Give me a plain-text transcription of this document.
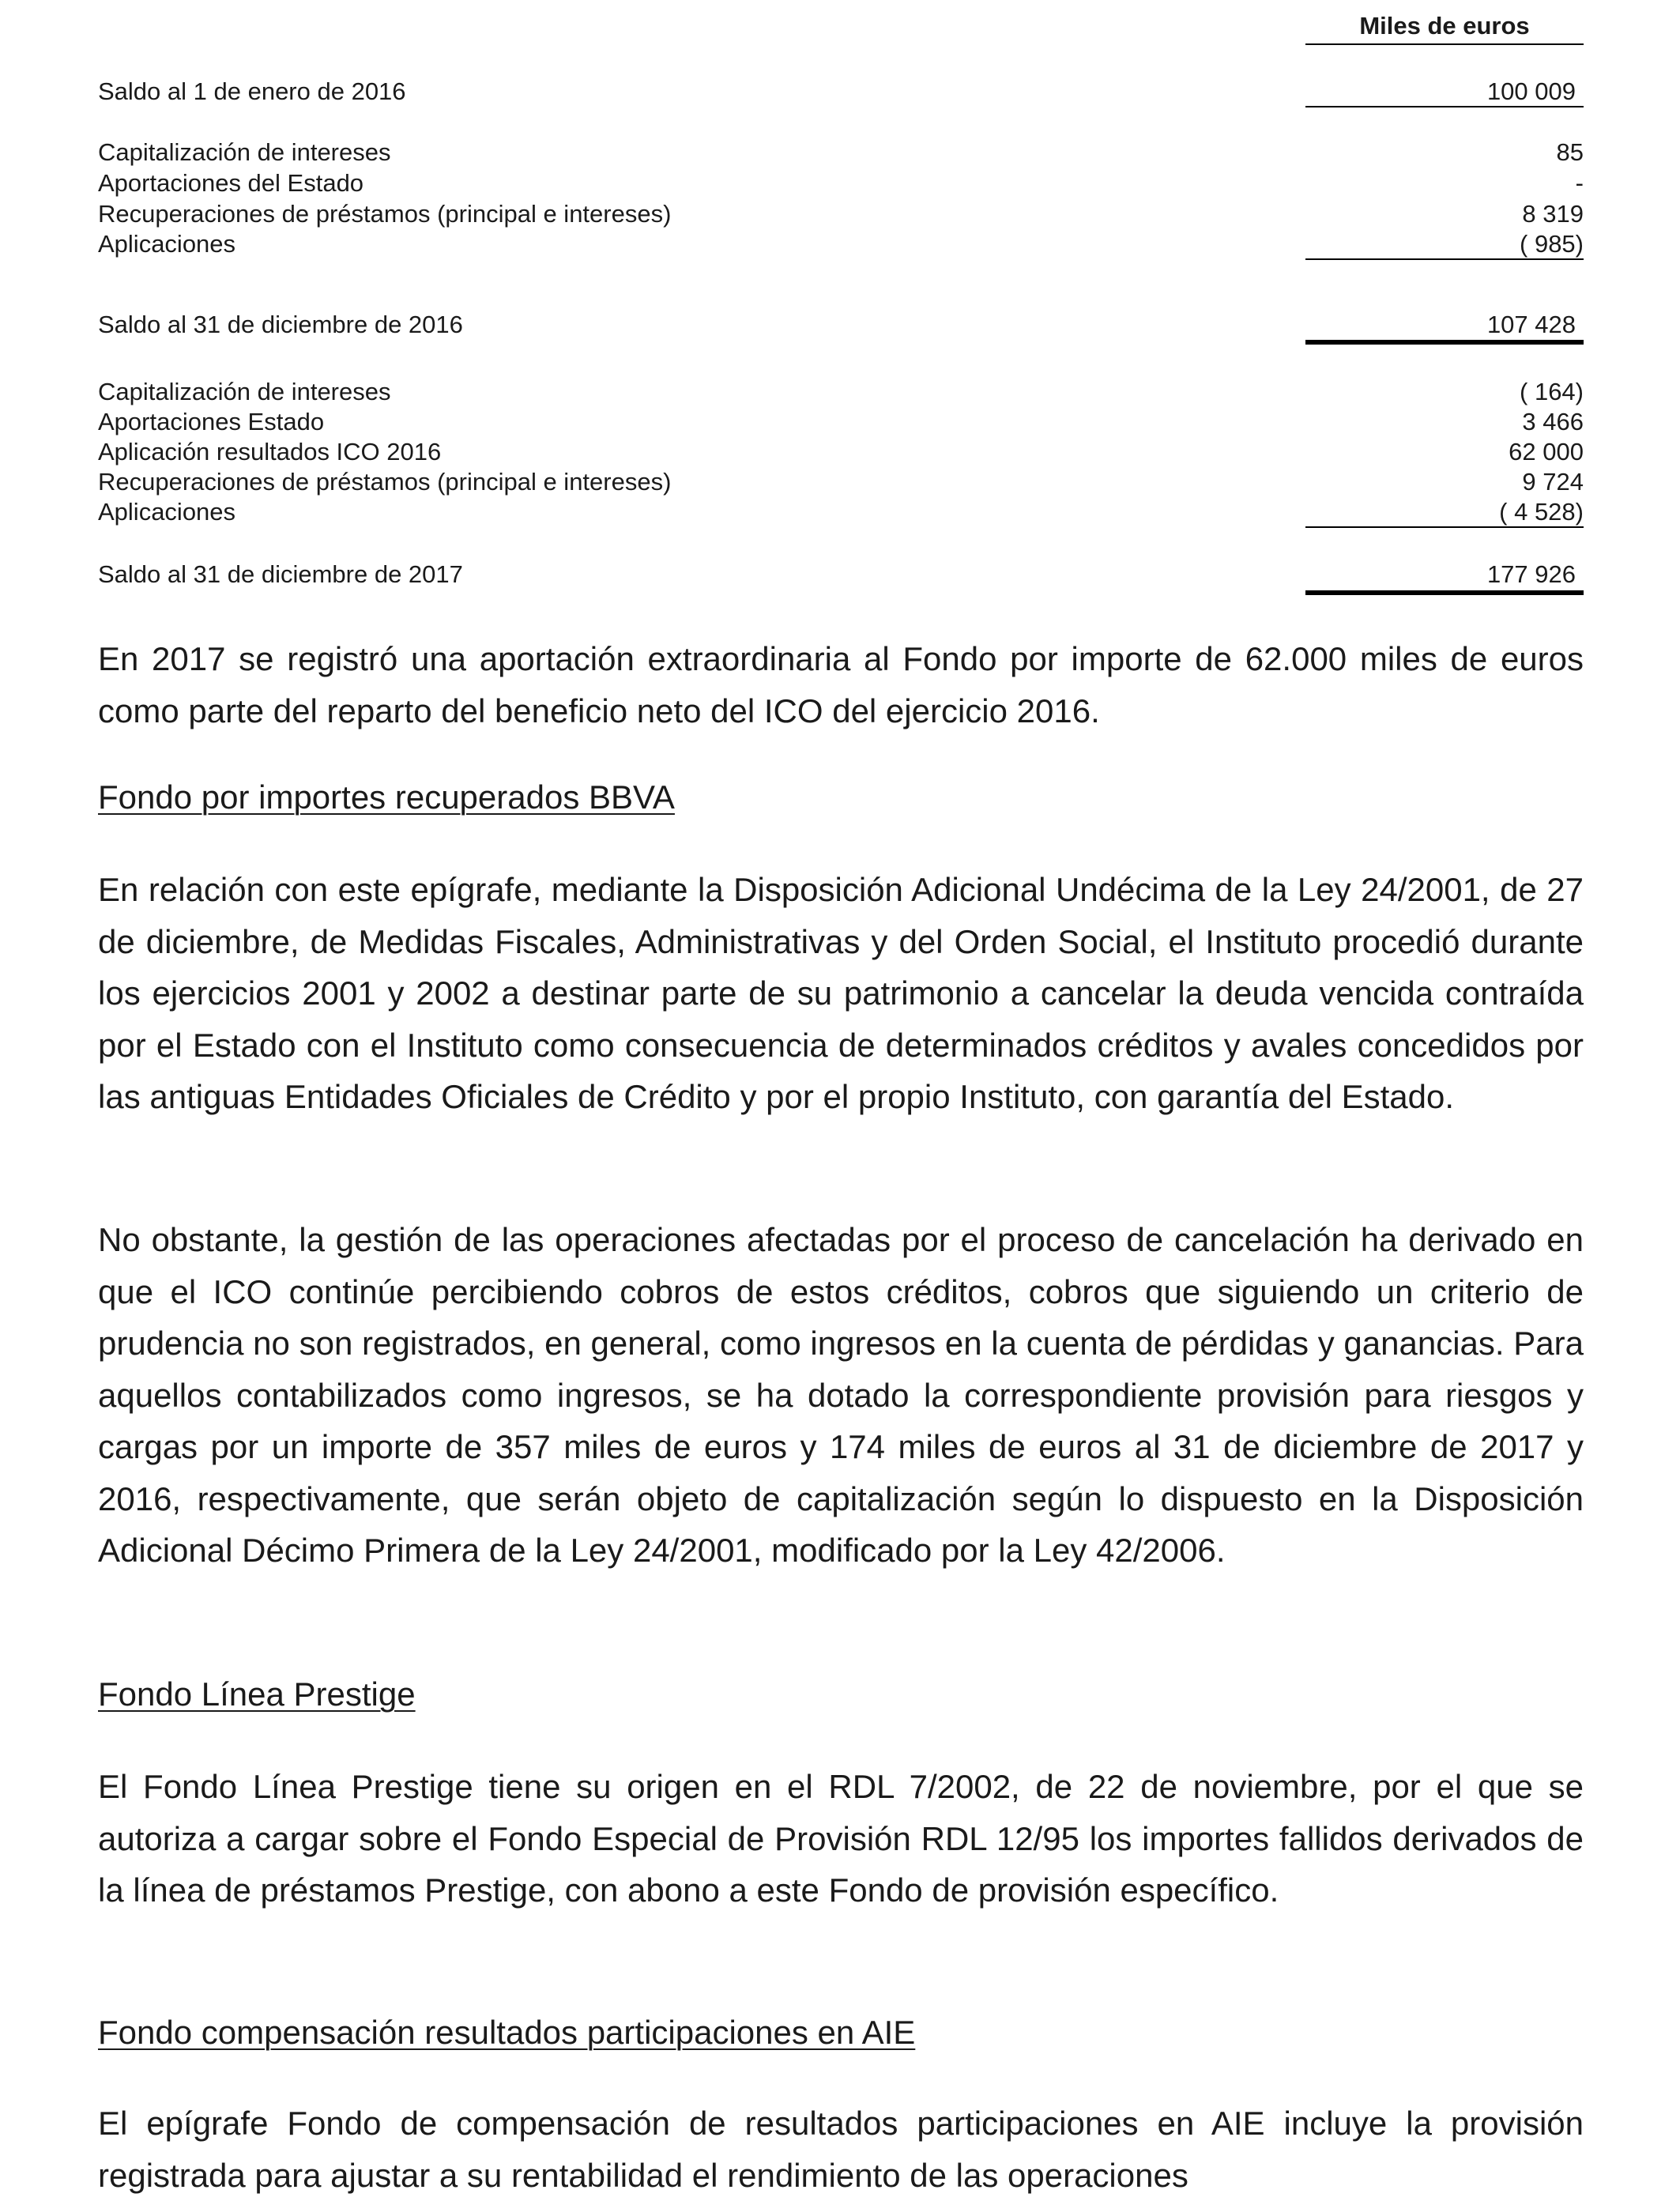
Miles de euros
Saldo al 1 de enero de 2016	100 009
Capitalización de intereses	85
Aportaciones del Estado	-
Recuperaciones de préstamos (principal e intereses)	8 319
Aplicaciones	( 985)
Saldo al 31 de diciembre de 2016	107 428
Capitalización de intereses	( 164)
Aportaciones Estado	3 466
Aplicación resultados ICO 2016	62 000
Recuperaciones de préstamos (principal e intereses)	9 724
Aplicaciones	( 4 528)
Saldo al 31 de diciembre de 2017	177 926

En 2017 se registró una aportación extraordinaria al Fondo por importe de 62.000 miles de euros como parte del reparto del beneficio neto del ICO del ejercicio 2016.

Fondo por importes recuperados BBVA

En relación con este epígrafe, mediante la Disposición Adicional Undécima de la Ley 24/2001, de 27 de diciembre, de Medidas Fiscales, Administrativas y del Orden Social, el Instituto procedió durante los ejercicios 2001 y 2002 a destinar parte de su patrimonio a cancelar la deuda vencida contraída por el Estado con el Instituto como consecuencia de determinados créditos y avales concedidos por las antiguas Entidades Oficiales de Crédito y por el propio Instituto, con garantía del Estado.

No obstante, la gestión de las operaciones afectadas por el proceso de cancelación ha derivado en que el ICO continúe percibiendo cobros de estos créditos, cobros que siguiendo un criterio de prudencia no son registrados, en general, como ingresos en la cuenta de pérdidas y ganancias. Para aquellos contabilizados como ingresos, se ha dotado la correspondiente provisión para riesgos y cargas por un importe de 357 miles de euros y 174 miles de euros al 31 de diciembre de 2017 y 2016, respectivamente, que serán objeto de capitalización según lo dispuesto en la Disposición Adicional Décimo Primera de la Ley 24/2001, modificado por la Ley 42/2006.

Fondo Línea Prestige

El Fondo Línea Prestige tiene su origen en el RDL 7/2002, de 22 de noviembre, por el que se autoriza a cargar sobre el Fondo Especial de Provisión RDL 12/95 los importes fallidos derivados de la línea de préstamos Prestige, con abono a este Fondo de provisión específico.

Fondo compensación resultados participaciones en AIE

El epígrafe Fondo de compensación de resultados participaciones en AIE incluye la provisión registrada para ajustar a su rentabilidad el rendimiento de las operaciones
